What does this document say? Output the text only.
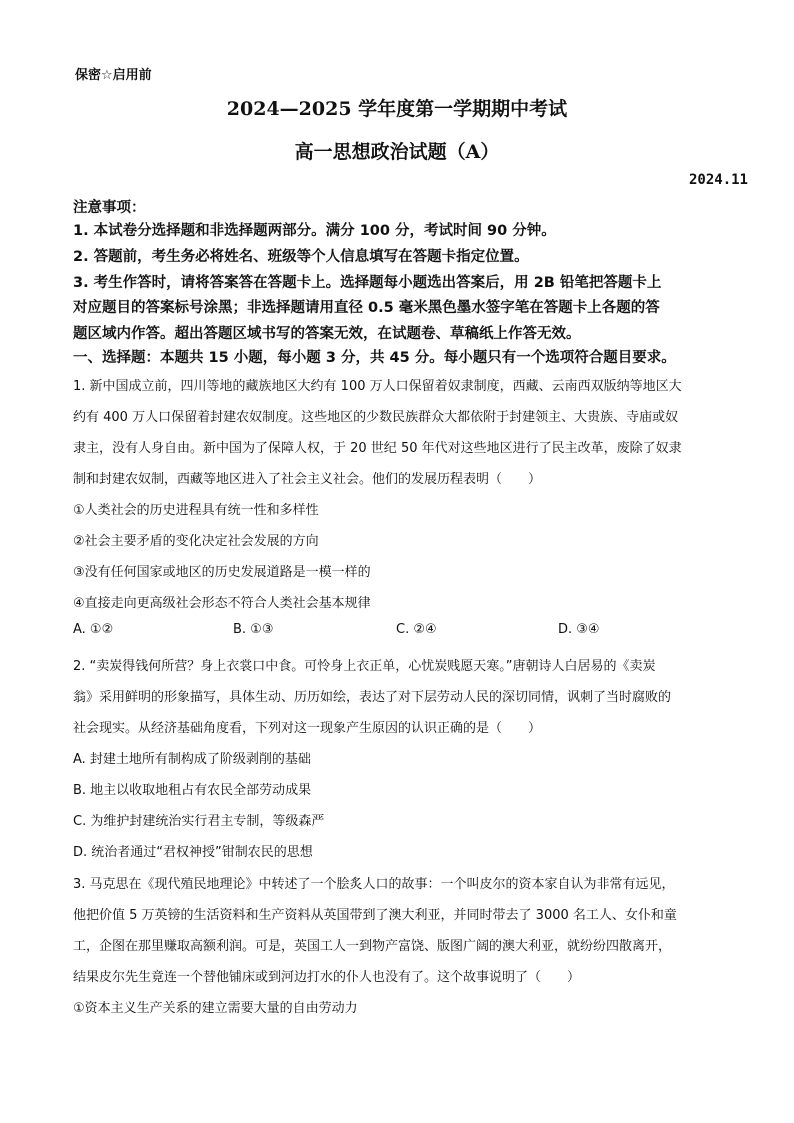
保密☆启用前
2024—2025 学年度第一学期期中考试
高一思想政治试题（A）
2024.11
注意事项：
1. 本试卷分选择题和非选择题两部分。满分 100 分，考试时间 90 分钟。
2. 答题前，考生务必将姓名、班级等个人信息填写在答题卡指定位置。
3. 考生作答时，请将答案答在答题卡上。选择题每小题选出答案后，用 2B 铅笔把答题卡上
对应题目的答案标号涂黑；非选择题请用直径 0.5 毫米黑色墨水签字笔在答题卡上各题的答
题区域内作答。超出答题区域书写的答案无效，在试题卷、草稿纸上作答无效。
一、选择题：本题共 15 小题，每小题 3 分，共 45 分。每小题只有一个选项符合题目要求。
1. 新中国成立前，四川等地的藏族地区大约有 100 万人口保留着奴隶制度，西藏、云南西双版纳等地区大
约有 400 万人口保留着封建农奴制度。这些地区的少数民族群众大都依附于封建领主、大贵族、寺庙或奴
隶主，没有人身自由。新中国为了保障人权，于 20 世纪 50 年代对这些地区进行了民主改革，废除了奴隶
制和封建农奴制，西藏等地区进入了社会主义社会。他们的发展历程表明（　　）
①人类社会的历史进程具有统一性和多样性
②社会主要矛盾的变化决定社会发展的方向
③没有任何国家或地区的历史发展道路是一模一样的
④直接走向更高级社会形态不符合人类社会基本规律
A. ①②	B. ①③	C. ②④	D. ③④
2. “卖炭得钱何所营？身上衣裳口中食。可怜身上衣正单，心忧炭贱愿天寒。”唐朝诗人白居易的《卖炭
翁》采用鲜明的形象描写，具体生动、历历如绘，表达了对下层劳动人民的深切同情，讽刺了当时腐败的
社会现实。从经济基础角度看，下列对这一现象产生原因的认识正确的是（　　）
A. 封建土地所有制构成了阶级剥削的基础
B. 地主以收取地租占有农民全部劳动成果
C. 为维护封建统治实行君主专制，等级森严
D. 统治者通过“君权神授”钳制农民的思想
3. 马克思在《现代殖民地理论》中转述了一个脍炙人口的故事：一个叫皮尔的资本家自认为非常有远见，
他把价值 5 万英镑的生活资料和生产资料从英国带到了澳大利亚，并同时带去了 3000 名工人、女仆和童
工，企图在那里赚取高额利润。可是，英国工人一到物产富饶、版图广阔的澳大利亚，就纷纷四散离开，
结果皮尔先生竟连一个替他铺床或到河边打水的仆人也没有了。这个故事说明了（　　）
①资本主义生产关系的建立需要大量的自由劳动力
